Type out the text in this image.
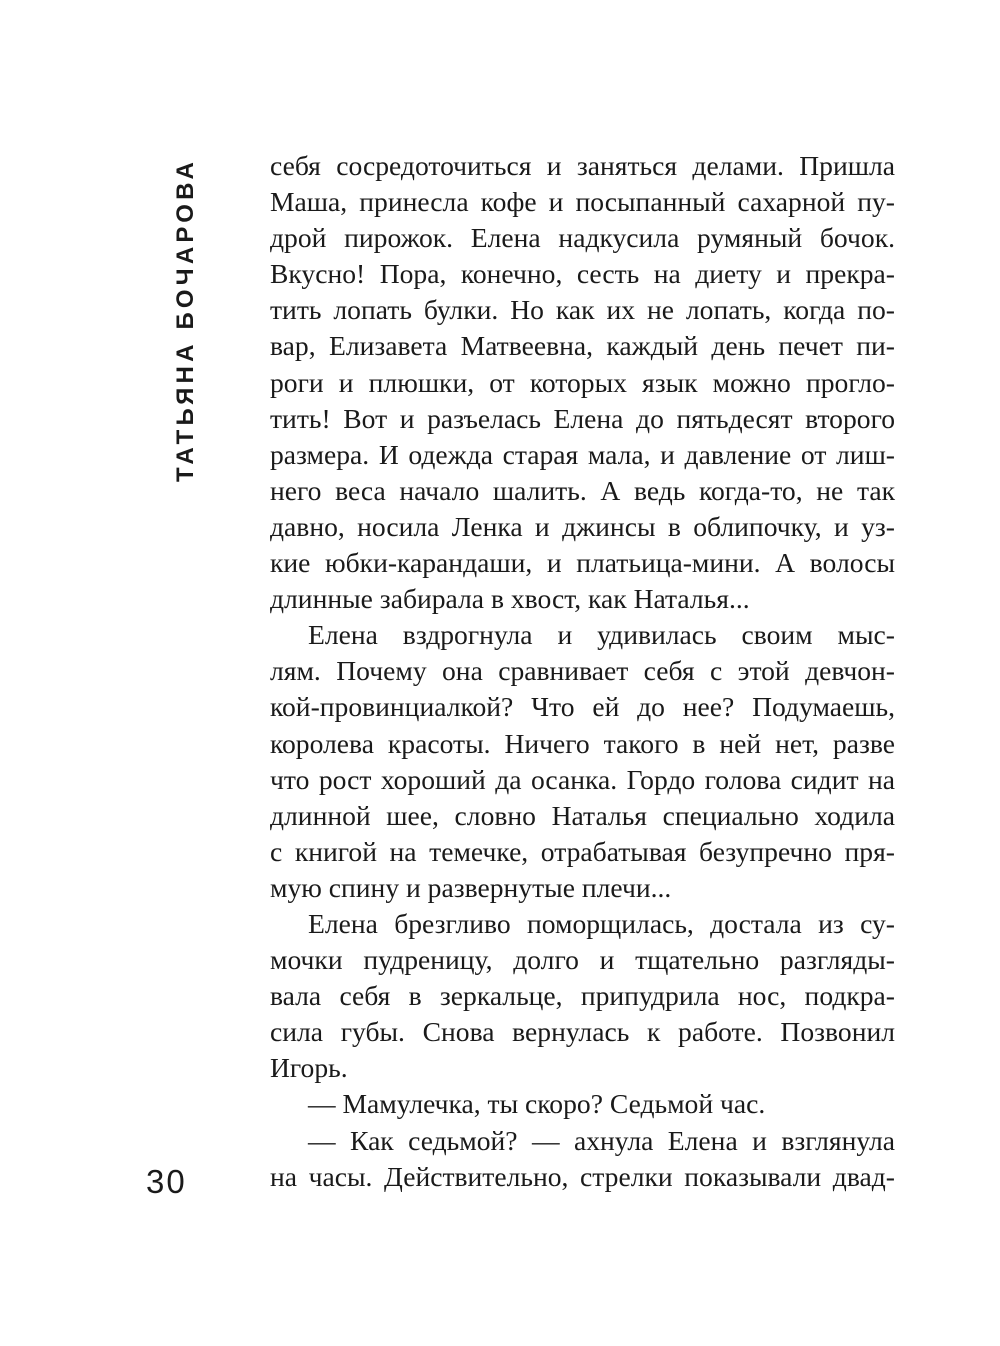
ТАТЬЯНА БОЧАРОВА
30
себя сосредоточиться и заняться делами. Пришла
Маша, принесла кофе и посыпанный сахарной пу-
дрой пирожок. Елена надкусила румяный бочок.
Вкусно! Пора, конечно, сесть на диету и прекра-
тить лопать булки. Но как их не лопать, когда по-
вар, Елизавета Матвеевна, каждый день печет пи-
роги и плюшки, от которых язык можно прогло-
тить! Вот и разъелась Елена до пятьдесят второго
размера. И одежда старая мала, и давление от лиш-
него веса начало шалить. А ведь когда-то, не так
давно, носила Ленка и джинсы в облипочку, и уз-
кие юбки-карандаши, и платьица-мини. А волосы
длинные забирала в хвост, как Наталья...
Елена вздрогнула и удивилась своим мыс-
лям. Почему она сравнивает себя с этой девчон-
кой-провинциалкой? Что ей до нее? Подумаешь,
королева красоты. Ничего такого в ней нет, разве
что рост хороший да осанка. Гордо голова сидит на
длинной шее, словно Наталья специально ходила
с книгой на темечке, отрабатывая безупречно пря-
мую спину и развернутые плечи...
Елена брезгливо поморщилась, достала из су-
мочки пудреницу, долго и тщательно разгляды-
вала себя в зеркальце, припудрила нос, подкра-
сила губы. Снова вернулась к работе. Позвонил
Игорь.
— Мамулечка, ты скоро? Седьмой час.
— Как седьмой? — ахнула Елена и взглянула
на часы. Действительно, стрелки показывали двад-
